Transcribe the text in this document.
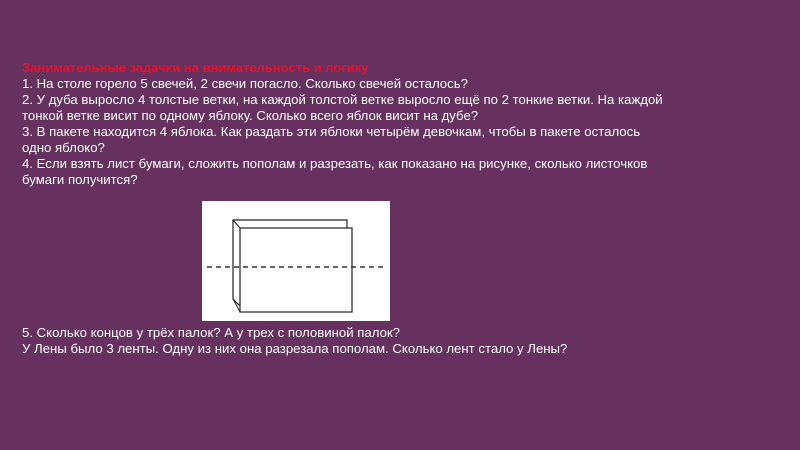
Занимательные задачки на внимательность и логику
1. На столе горело 5 свечей, 2 свечи погасло. Сколько свечей осталось?
2. У дуба выросло 4 толстые ветки, на каждой толстой ветке выросло ещё по 2 тонкие ветки. На каждой
тонкой ветке висит по одному яблоку. Сколько всего яблок висит на дубе?
3. В пакете находится 4 яблока. Как раздать эти яблоки четырём девочкам, чтобы в пакете осталось
одно яблоко?
4. Если взять лист бумаги, сложить пополам и разрезать, как показано на рисунке, сколько листочков
бумаги получится?
5. Сколько концов у трёх палок? А у трех с половиной палок?
У Лены было 3 ленты. Одну из них она разрезала пополам. Сколько лент стало у Лены?
